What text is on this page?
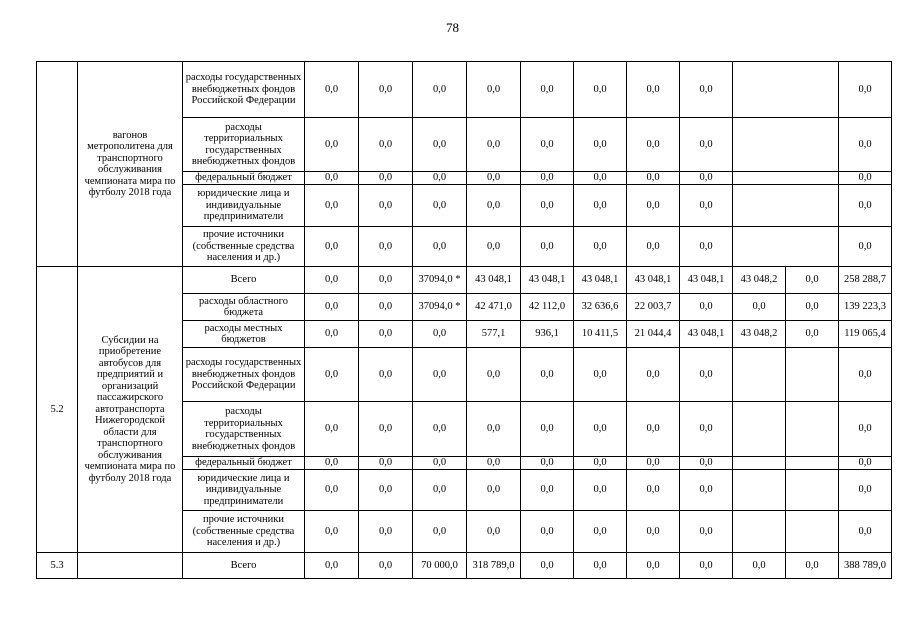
78
	вагонов метрополитена для транспортного обслуживания чемпионата мира по футболу 2018 года	расходы государственных внебюджетных фондов Российской Федерации	0,0	0,0	0,0	0,0	0,0	0,0	0,0	0,0			0,0
		расходы территориальных государственных внебюджетных фондов	0,0	0,0	0,0	0,0	0,0	0,0	0,0	0,0			0,0
		федеральный бюджет	0,0	0,0	0,0	0,0	0,0	0,0	0,0	0,0			0,0
		юридические лица и индивидуальные предприниматели	0,0	0,0	0,0	0,0	0,0	0,0	0,0	0,0			0,0
		прочие источники (собственные средства населения и др.)	0,0	0,0	0,0	0,0	0,0	0,0	0,0	0,0			0,0
5.2	Субсидии на приобретение автобусов для предприятий и организаций пассажирского автотранспорта Нижегородской области для транспортного обслуживания чемпионата мира по футболу 2018 года	Всего	0,0	0,0	37094,0 *	43 048,1	43 048,1	43 048,1	43 048,1	43 048,1	43 048,2	0,0	258 288,7
		расходы областного бюджета	0,0	0,0	37094,0 *	42 471,0	42 112,0	32 636,6	22 003,7	0,0	0,0	0,0	139 223,3
		расходы местных бюджетов	0,0	0,0	0,0	577,1	936,1	10 411,5	21 044,4	43 048,1	43 048,2	0,0	119 065,4
		расходы государственных внебюджетных фондов Российской Федерации	0,0	0,0	0,0	0,0	0,0	0,0	0,0	0,0			0,0
		расходы территориальных государственных внебюджетных фондов	0,0	0,0	0,0	0,0	0,0	0,0	0,0	0,0			0,0
		федеральный бюджет	0,0	0,0	0,0	0,0	0,0	0,0	0,0	0,0			0,0
		юридические лица и индивидуальные предприниматели	0,0	0,0	0,0	0,0	0,0	0,0	0,0	0,0			0,0
		прочие источники (собственные средства населения и др.)	0,0	0,0	0,0	0,0	0,0	0,0	0,0	0,0			0,0
5.3		Всего	0,0	0,0	70 000,0	318 789,0	0,0	0,0	0,0	0,0	0,0	0,0	388 789,0
